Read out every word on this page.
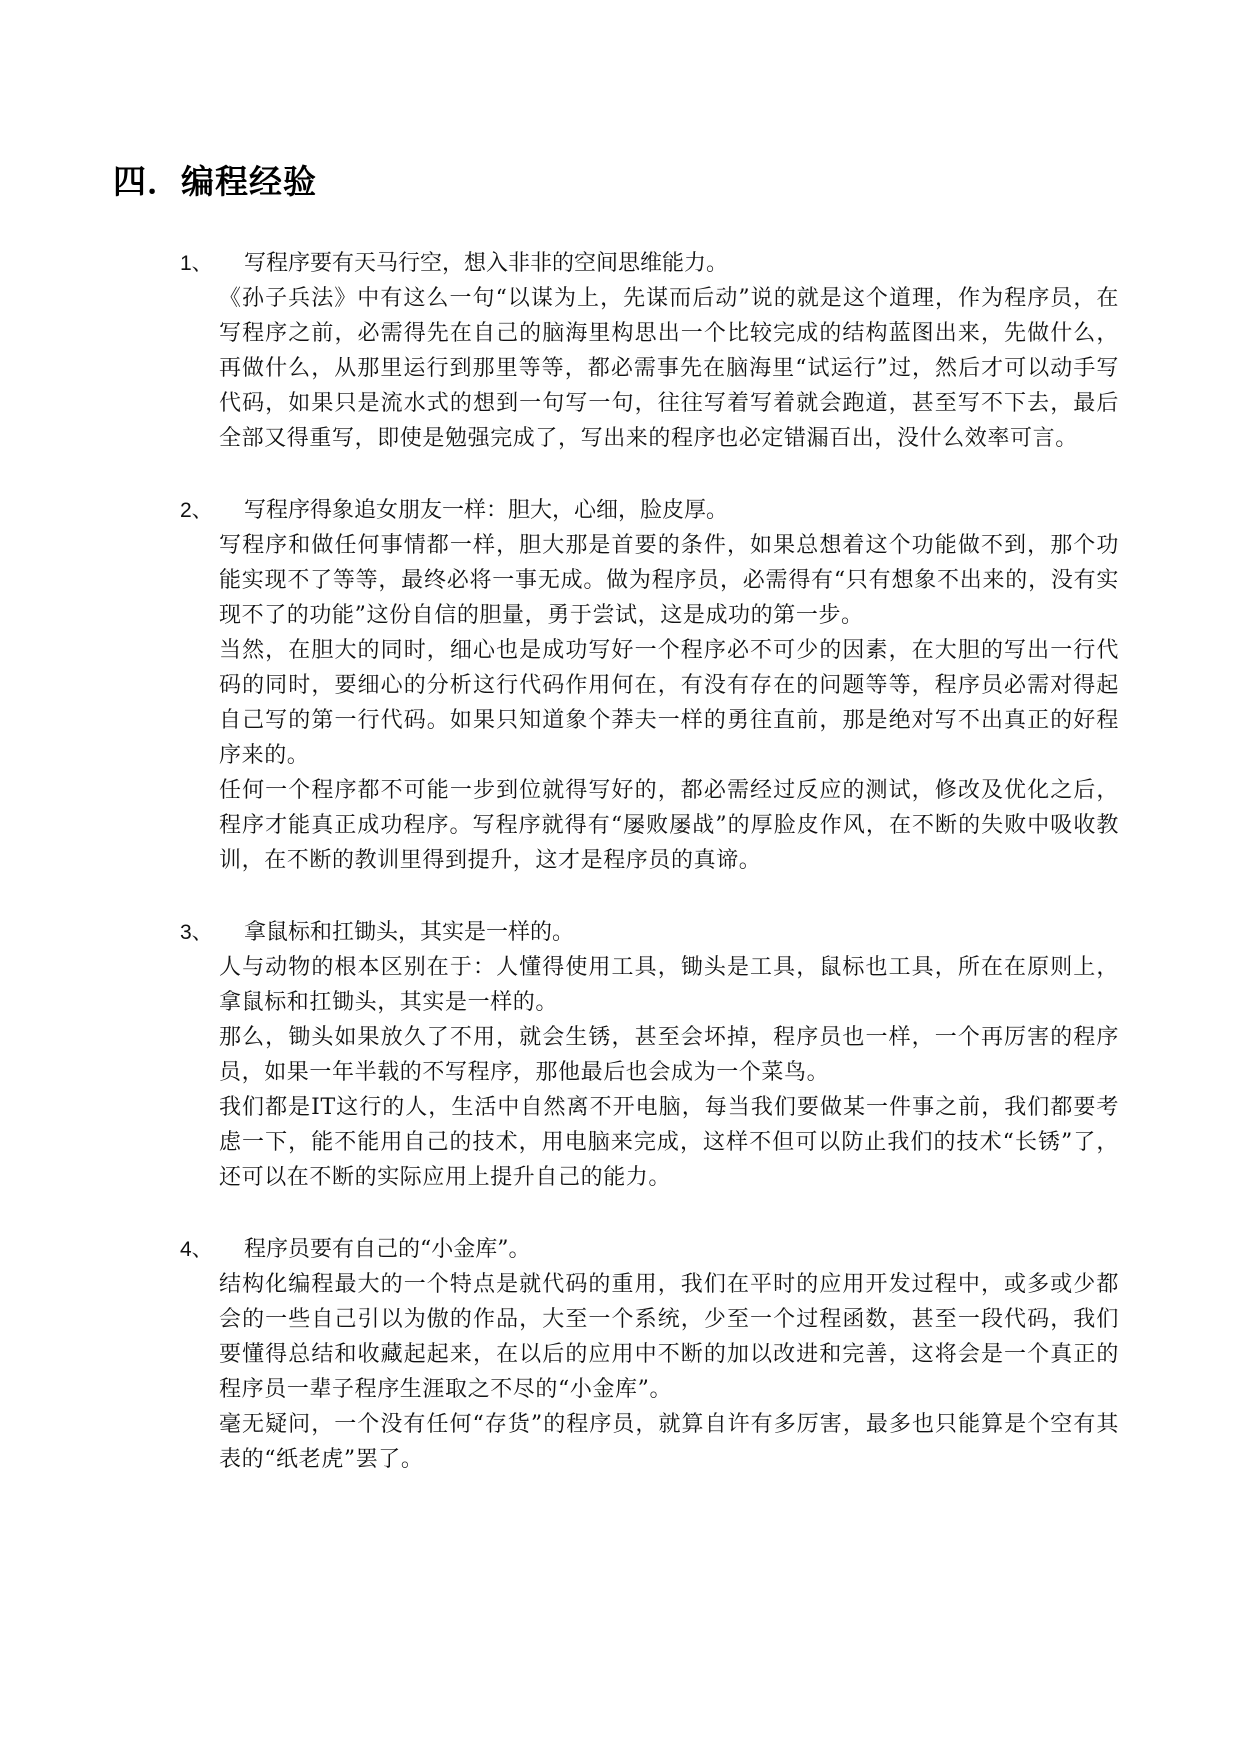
四．编程经验
1、 写程序要有天马行空，想入非非的空间思维能力。

《孙子兵法》中有这么一句“以谋为上，先谋而后动”说的就是这个道理，作为程序员，在写程序之前，必需得先在自己的脑海里构思出一个比较完成的结构蓝图出来，先做什么，再做什么，从那里运行到那里等等，都必需事先在脑海里“试运行”过，然后才可以动手写代码，如果只是流水式的想到一句写一句，往往写着写着就会跑道，甚至写不下去，最后全部又得重写，即使是勉强完成了，写出来的程序也必定错漏百出，没什么效率可言。

2、 写程序得象追女朋友一样：胆大，心细，脸皮厚。

写程序和做任何事情都一样，胆大那是首要的条件，如果总想着这个功能做不到，那个功能实现不了等等，最终必将一事无成。做为程序员，必需得有“只有想象不出来的，没有实现不了的功能”这份自信的胆量，勇于尝试，这是成功的第一步。

当然，在胆大的同时，细心也是成功写好一个程序必不可少的因素，在大胆的写出一行代码的同时，要细心的分析这行代码作用何在，有没有存在的问题等等，程序员必需对得起自己写的第一行代码。如果只知道象个莽夫一样的勇往直前，那是绝对写不出真正的好程序来的。

任何一个程序都不可能一步到位就得写好的，都必需经过反应的测试，修改及优化之后，程序才能真正成功程序。写程序就得有“屡败屡战”的厚脸皮作风，在不断的失败中吸收教训，在不断的教训里得到提升，这才是程序员的真谛。

3、 拿鼠标和扛锄头，其实是一样的。

人与动物的根本区别在于：人懂得使用工具，锄头是工具，鼠标也工具，所在在原则上，拿鼠标和扛锄头，其实是一样的。

那么，锄头如果放久了不用，就会生锈，甚至会坏掉，程序员也一样，一个再厉害的程序员，如果一年半载的不写程序，那他最后也会成为一个菜鸟。

我们都是IT这行的人，生活中自然离不开电脑，每当我们要做某一件事之前，我们都要考虑一下，能不能用自己的技术，用电脑来完成，这样不但可以防止我们的技术“长锈”了，还可以在不断的实际应用上提升自己的能力。

4、 程序员要有自己的“小金库”。

结构化编程最大的一个特点是就代码的重用，我们在平时的应用开发过程中，或多或少都会的一些自己引以为傲的作品，大至一个系统，少至一个过程函数，甚至一段代码，我们要懂得总结和收藏起起来，在以后的应用中不断的加以改进和完善，这将会是一个真正的程序员一辈子程序生涯取之不尽的“小金库”。

毫无疑问，一个没有任何“存货”的程序员，就算自许有多厉害，最多也只能算是个空有其表的“纸老虎”罢了。
